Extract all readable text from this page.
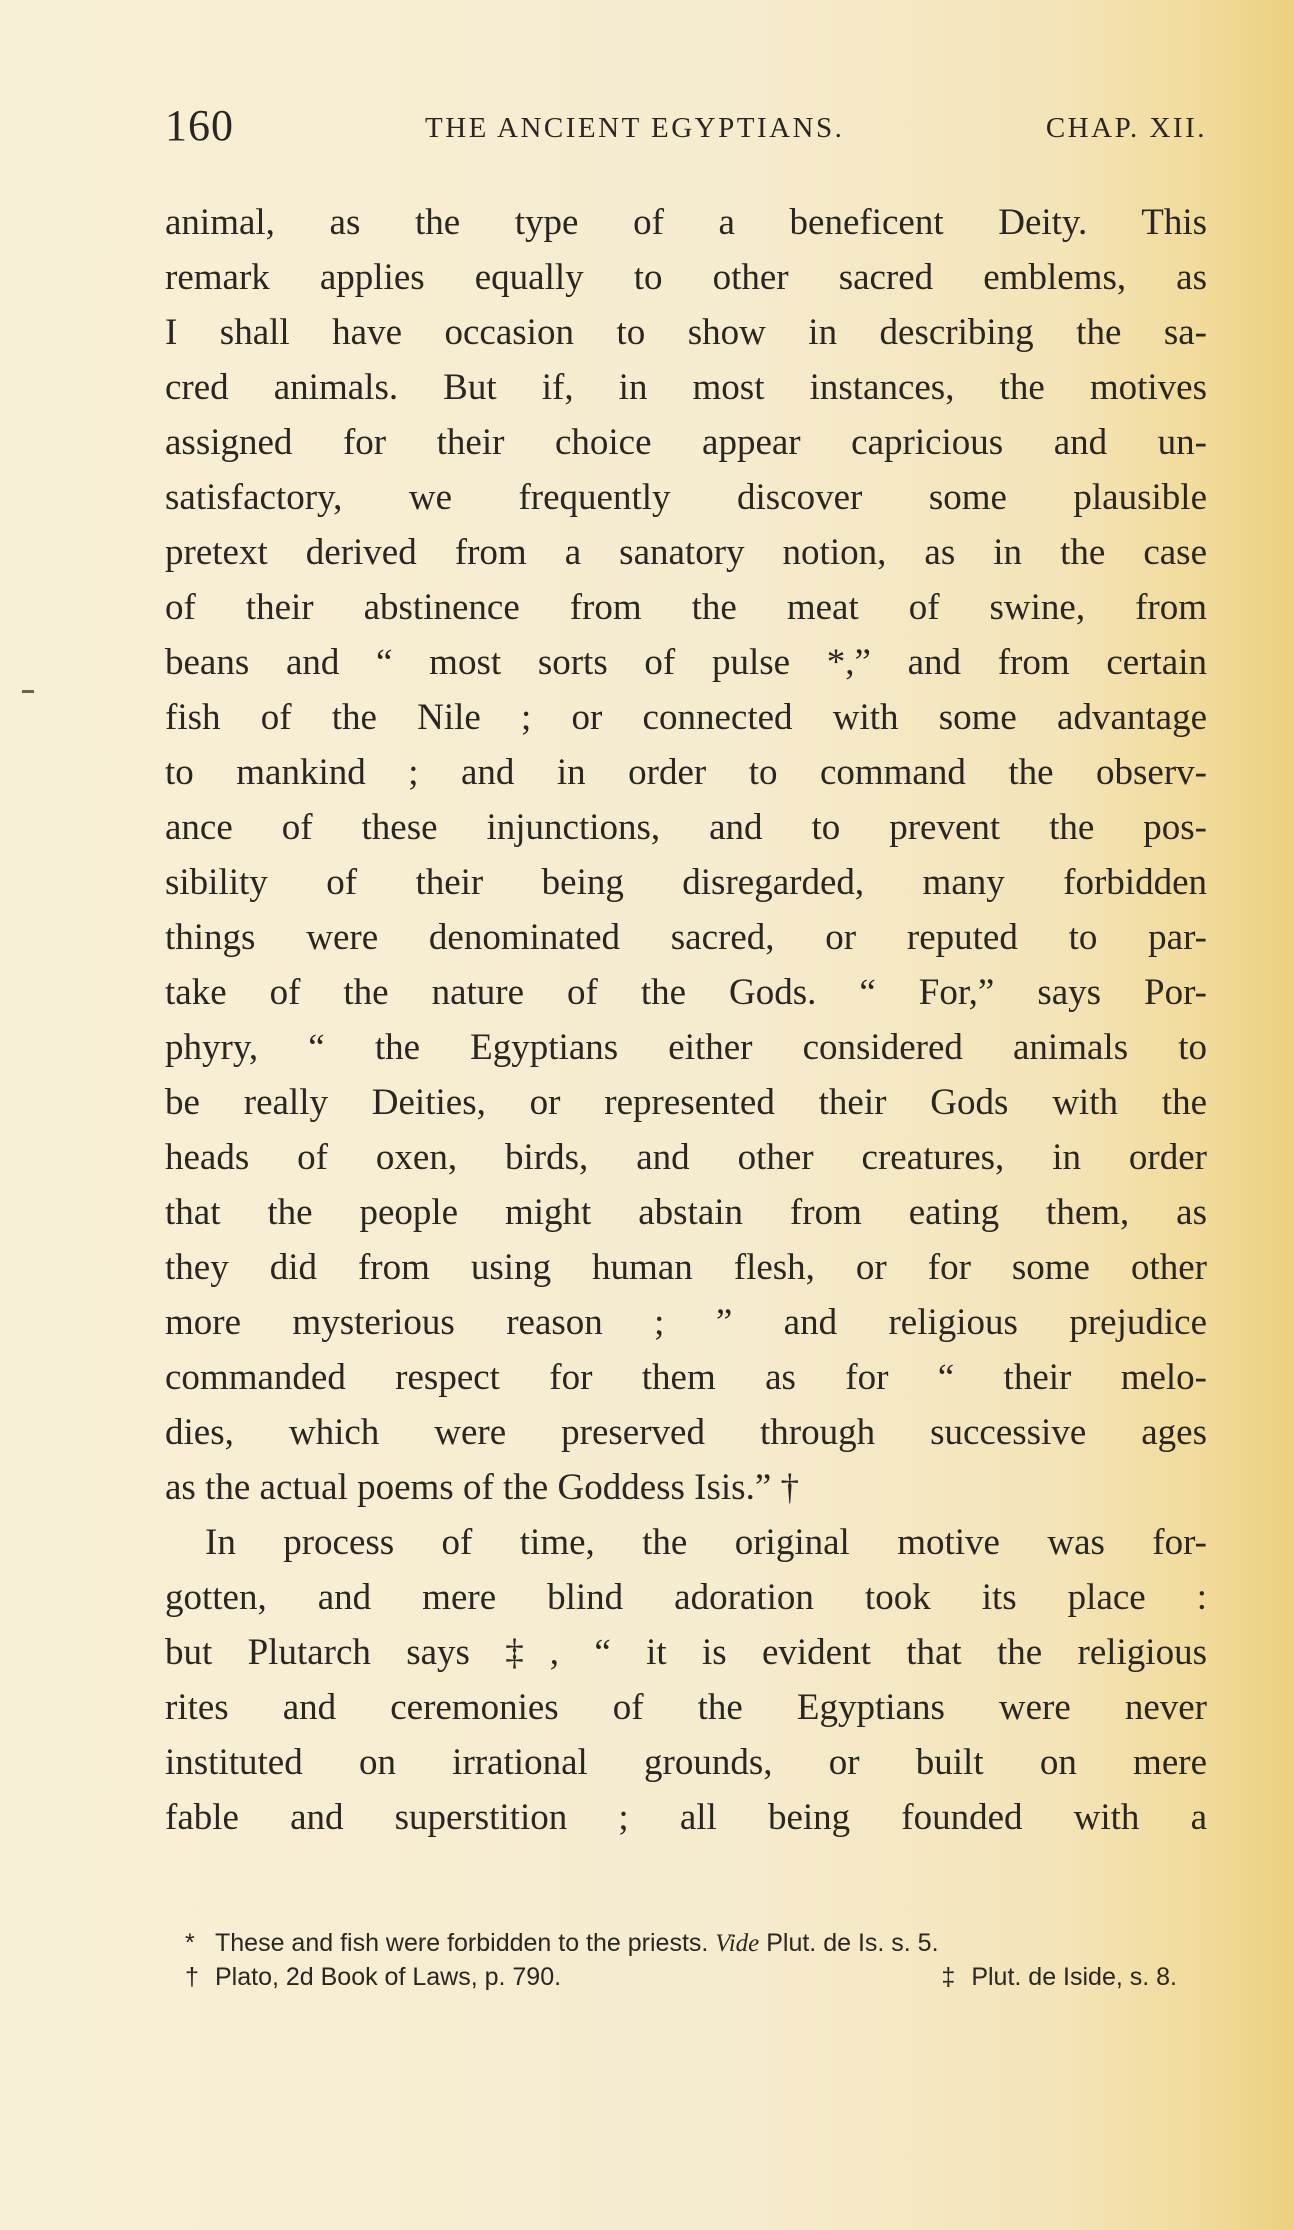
160	THE ANCIENT EGYPTIANS.	CHAP. XII.
animal, as the type of a beneficent Deity. This
remark applies equally to other sacred emblems, as
I shall have occasion to show in describing the sa-
cred animals. But if, in most instances, the motives
assigned for their choice appear capricious and un-
satisfactory, we frequently discover some plausible
pretext derived from a sanatory notion, as in the case
of their abstinence from the meat of swine, from
beans and “ most sorts of pulse *,” and from certain
fish of the Nile ; or connected with some advantage
to mankind ; and in order to command the observ-
ance of these injunctions, and to prevent the pos-
sibility of their being disregarded, many forbidden
things were denominated sacred, or reputed to par-
take of the nature of the Gods. “ For,” says Por-
phyry, “ the Egyptians either considered animals to
be really Deities, or represented their Gods with the
heads of oxen, birds, and other creatures, in order
that the people might abstain from eating them, as
they did from using human flesh, or for some other
more mysterious reason ; ” and religious prejudice
commanded respect for them as for “ their melo-
dies, which were preserved through successive ages
as the actual poems of the Goddess Isis.” †
In process of time, the original motive was for-
gotten, and mere blind adoration took its place :
but Plutarch says ‡, “ it is evident that the religious
rites and ceremonies of the Egyptians were never
instituted on irrational grounds, or built on mere
fable and superstition ; all being founded with a
* These and fish were forbidden to the priests. Vide Plut. de Is. s. 5.
† Plato, 2d Book of Laws, p. 790.	‡ Plut. de Iside, s. 8.
